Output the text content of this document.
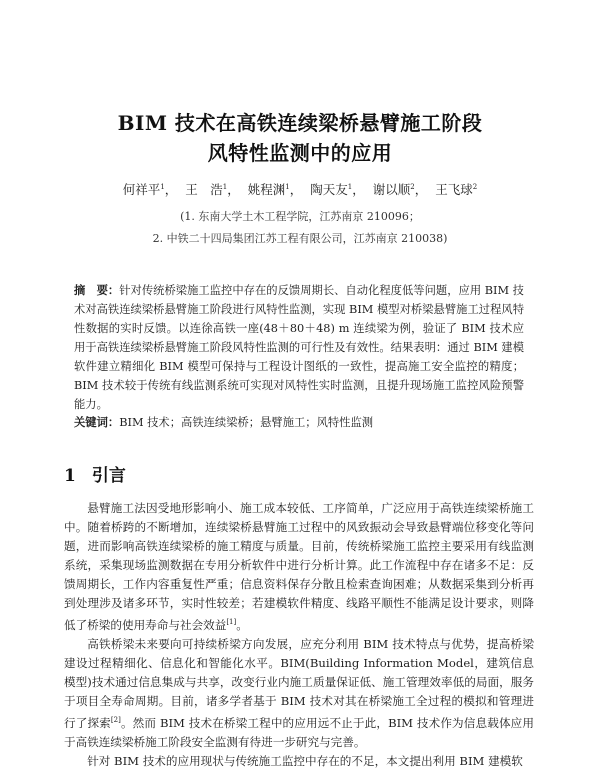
BIM 技术在高铁连续梁桥悬臂施工阶段
风特性监测中的应用
何祥平$^1$， 王　浩$^1$， 姚程渊$^1$， 陶天友$^1$， 谢以顺$^2$， 王飞球$^2$
(1. 东南大学土木工程学院，江苏南京 210096；
2. 中铁二十四局集团江苏工程有限公司，江苏南京 210038)
摘　要：针对传统桥梁施工监控中存在的反馈周期长、自动化程度低等问题，应用 BIM 技术对高铁连续梁桥悬臂施工阶段进行风特性监测，实现 BIM 模型对桥梁悬臂施工过程风特性数据的实时反馈。以连徐高铁一座(48＋80＋48) m 连续梁为例，验证了 BIM 技术应用于高铁连续梁桥悬臂施工阶段风特性监测的可行性及有效性。结果表明：通过 BIM 建模软件建立精细化 BIM 模型可保持与工程设计图纸的一致性，提高施工安全监控的精度；BIM 技术较于传统有线监测系统可实现对风特性实时监测，且提升现场施工监控风险预警能力。
关键词：BIM 技术；高铁连续梁桥；悬臂施工；风特性监测
1 引言

悬臂施工法因受地形影响小、施工成本较低、工序简单，广泛应用于高铁连续梁桥施工中。随着桥跨的不断增加，连续梁桥悬臂施工过程中的风致振动会导致悬臂端位移变化等问题，进而影响高铁连续梁桥的施工精度与质量。目前，传统桥梁施工监控主要采用有线监测系统，采集现场监测数据在专用分析软件中进行分析计算。此工作流程中存在诸多不足：反馈周期长，工作内容重复性严重；信息资料保存分散且检索查询困难；从数据采集到分析再到处理涉及诸多环节，实时性较差；若建模软件精度、线路平顺性不能满足设计要求，则降低了桥梁的使用寿命与社会效益[1]。

高铁桥梁未来要向可持续桥梁方向发展，应充分利用 BIM 技术特点与优势，提高桥梁建设过程精细化、信息化和智能化水平。BIM(Building Information Model，建筑信息模型)技术通过信息集成与共享，改变行业内施工质量保证低、施工管理效率低的局面，服务于项目全寿命周期。目前，诸多学者基于 BIM 技术对其在桥梁施工全过程的模拟和管理进行了探索[2]。然而 BIM 技术在桥梁工程中的应用远不止于此，BIM 技术作为信息载体应用于高铁连续梁桥施工阶段安全监测有待进一步研究与完善。

针对 BIM 技术的应用现状与传统施工监控中存在的不足，本文提出利用 BIM 建模软
